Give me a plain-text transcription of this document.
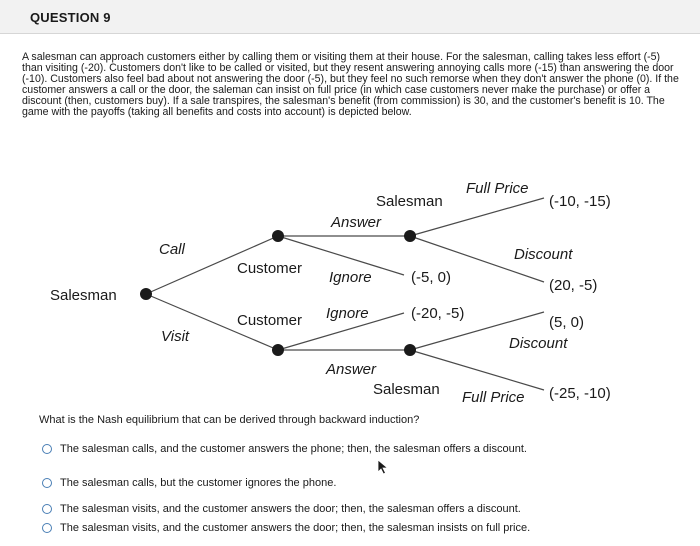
QUESTION 9

A salesman can approach customers either by calling them or visiting them at their house. For the salesman, calling takes less effort (-5) than visiting (-20). Customers don't like to be called or visited, but they resent answering annoying calls more (-15) than answering the door (-10). Customers also feel bad about not answering the door (-5), but they feel no such remorse when they don't answer the phone (0). If the customer answers a call or the door, the saleman can insist on full price (in which case customers never make the purchase) or offer a discount (then, customers buy). If a sale transpires, the salesman's benefit (from commission) is 30, and the customer's benefit is 10. The game with the payoffs (taking all benefits and costs into account) is depicted below.

Salesman
Call
Visit
Customer
Customer
Answer
Answer
Ignore
Ignore
Salesman
Salesman
Full Price
Full Price
Discount
Discount
(-10, -15)
(-5, 0)	(20, -5)
(-20, -5)
(5, 0)
(-25, -10)
What is the Nash equilibrium that can be derived through backward induction?
The salesman calls, and the customer answers the phone; then, the salesman offers a discount.
The salesman calls, but the customer ignores the phone.
The salesman visits, and the customer answers the door; then, the salesman offers a discount.
The salesman visits, and the customer answers the door; then, the salesman insists on full price.
